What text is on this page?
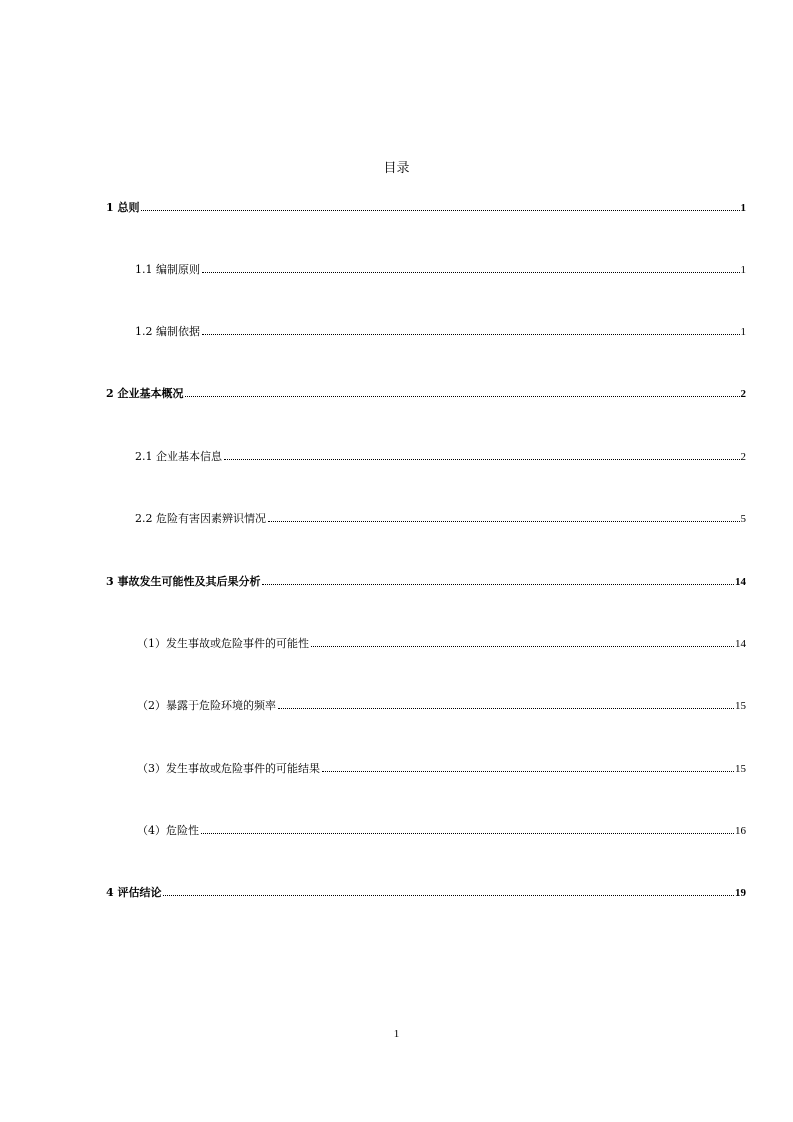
目录
1 总则	1
1.1 编制原则	1
1.2 编制依据	1
2 企业基本概况	2
2.1 企业基本信息	2
2.2 危险有害因素辨识情况	5
3 事故发生可能性及其后果分析	14
（1）发生事故或危险事件的可能性	14
（2）暴露于危险环境的频率	15
（3）发生事故或危险事件的可能结果	15
（4）危险性	16
4 评估结论	19
1
